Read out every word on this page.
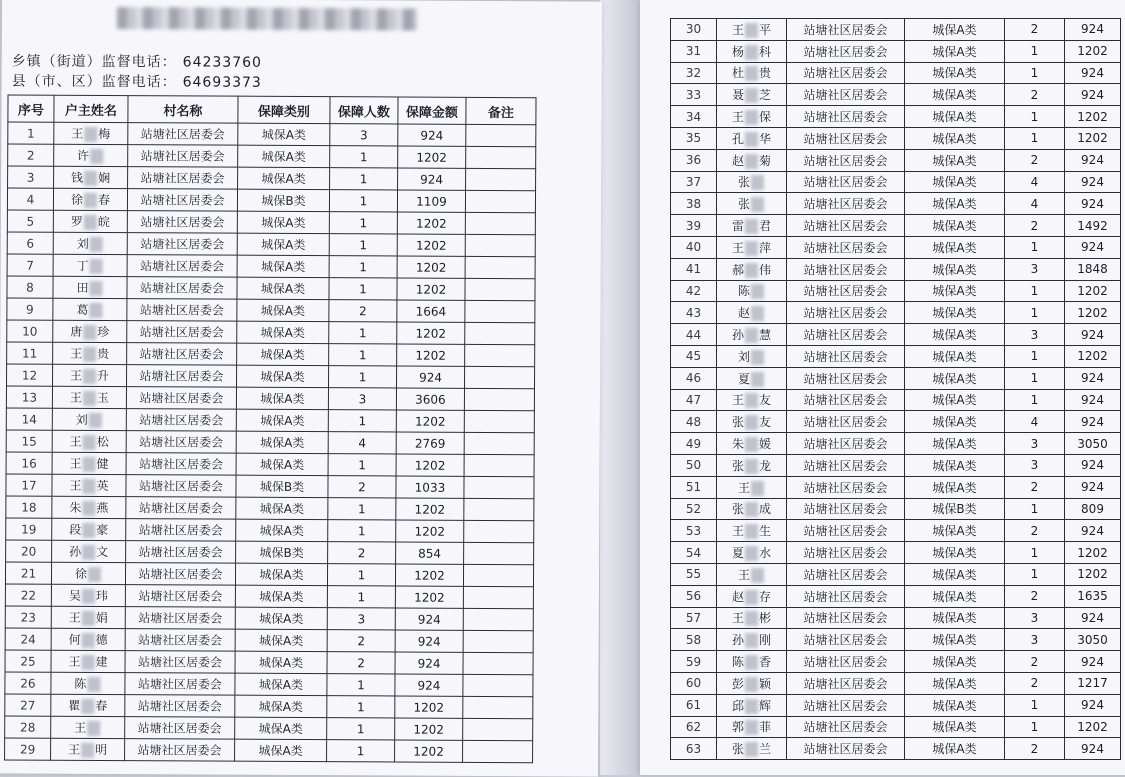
乡镇（街道）监督电话： 64233760
县（市、区）监督电话： 64693373
序号	户主姓名	村名称	保障类别	保障人数	保障金额	备注
1	王 梅	站塘社区居委会	城保A类	3	924	
2	许	站塘社区居委会	城保A类	1	1202	
3	钱 娴	站塘社区居委会	城保A类	1	924	
4	徐 春	站塘社区居委会	城保B类	1	1109	
5	罗 皖	站塘社区居委会	城保A类	1	1202	
6	刘	站塘社区居委会	城保A类	1	1202	
7	丁	站塘社区居委会	城保A类	1	1202	
8	田	站塘社区居委会	城保A类	1	1202	
9	葛	站塘社区居委会	城保A类	2	1664	
10	唐 珍	站塘社区居委会	城保A类	1	1202	
11	王 贵	站塘社区居委会	城保A类	1	1202	
12	王 升	站塘社区居委会	城保A类	1	924	
13	王 玉	站塘社区居委会	城保A类	3	3606	
14	刘	站塘社区居委会	城保A类	1	1202	
15	王 松	站塘社区居委会	城保A类	4	2769	
16	王 健	站塘社区居委会	城保A类	1	1202	
17	王 英	站塘社区居委会	城保B类	2	1033	
18	朱 燕	站塘社区居委会	城保A类	1	1202	
19	段 豪	站塘社区居委会	城保A类	1	1202	
20	孙 文	站塘社区居委会	城保B类	2	854	
21	徐	站塘社区居委会	城保A类	1	1202	
22	吴 玮	站塘社区居委会	城保A类	1	1202	
23	王 娟	站塘社区居委会	城保A类	3	924	
24	何 德	站塘社区居委会	城保A类	2	924	
25	王 建	站塘社区居委会	城保A类	2	924	
26	陈	站塘社区居委会	城保A类	1	924	
27	瞿 春	站塘社区居委会	城保A类	1	1202	
28	王	站塘社区居委会	城保A类	1	1202	
29	王 明	站塘社区居委会	城保A类	1	1202	
30	王 平	站塘社区居委会	城保A类	2	924
31	杨 科	站塘社区居委会	城保A类	1	1202
32	杜 贵	站塘社区居委会	城保A类	1	924
33	聂 芝	站塘社区居委会	城保A类	2	924
34	王 保	站塘社区居委会	城保A类	1	1202
35	孔 华	站塘社区居委会	城保A类	1	1202
36	赵 菊	站塘社区居委会	城保A类	2	924
37	张	站塘社区居委会	城保A类	4	924
38	张	站塘社区居委会	城保A类	4	924
39	雷 君	站塘社区居委会	城保A类	2	1492
40	王 萍	站塘社区居委会	城保A类	1	924
41	郝 伟	站塘社区居委会	城保A类	3	1848
42	陈	站塘社区居委会	城保A类	1	1202
43	赵	站塘社区居委会	城保A类	1	1202
44	孙 慧	站塘社区居委会	城保A类	3	924
45	刘	站塘社区居委会	城保A类	1	1202
46	夏	站塘社区居委会	城保A类	1	924
47	王 友	站塘社区居委会	城保A类	1	924
48	张 友	站塘社区居委会	城保A类	4	924
49	朱 媛	站塘社区居委会	城保A类	3	3050
50	张 龙	站塘社区居委会	城保A类	3	924
51	王	站塘社区居委会	城保A类	2	924
52	张 成	站塘社区居委会	城保B类	1	809
53	王 生	站塘社区居委会	城保A类	2	924
54	夏 水	站塘社区居委会	城保A类	1	1202
55	王	站塘社区居委会	城保A类	1	1202
56	赵 存	站塘社区居委会	城保A类	2	1635
57	王 彬	站塘社区居委会	城保A类	3	924
58	孙 刚	站塘社区居委会	城保A类	3	3050
59	陈 香	站塘社区居委会	城保A类	2	924
60	彭 颖	站塘社区居委会	城保A类	2	1217
61	邱 辉	站塘社区居委会	城保A类	1	924
62	郭 菲	站塘社区居委会	城保A类	1	1202
63	张 兰	站塘社区居委会	城保A类	2	924
